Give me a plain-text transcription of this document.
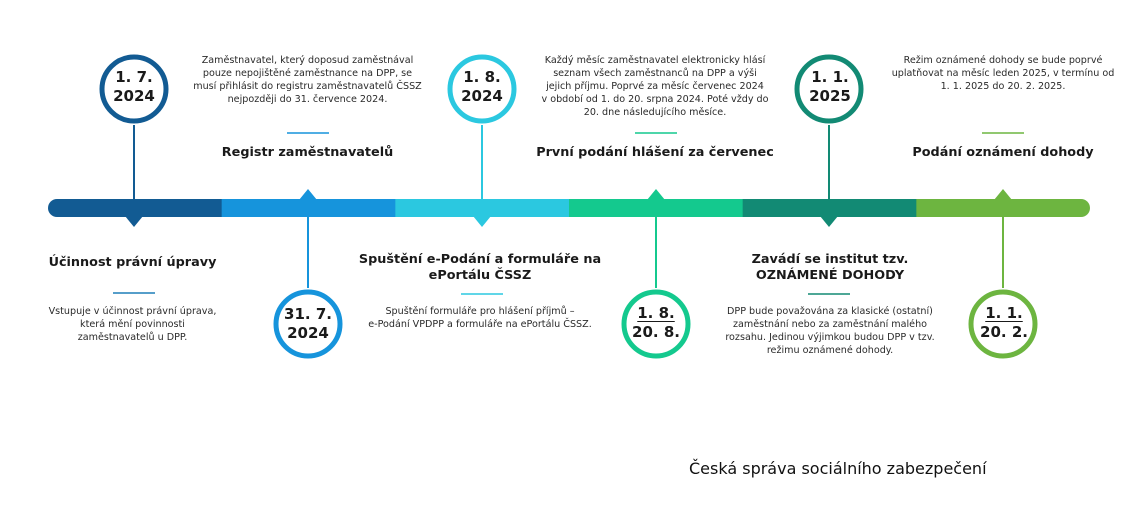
1. 7.
2024
Účinnost právní úpravy
Vstupuje v účinnost právní úprava,
která mění povinnosti
zaměstnavatelů u DPP.
31. 7.
2024
Zaměstnavatel, který doposud zaměstnával
pouze nepojištěné zaměstnance na DPP, se
musí přihlásit do registru zaměstnavatelů ČSSZ
nejpozději do 31. července 2024.
Registr zaměstnavatelů
1. 8.
2024
Spuštění e-Podání a formuláře na
ePortálu ČSSZ
Spuštění formuláře pro hlášení příjmů –
e-Podání VPDPP a formuláře na ePortálu ČSSZ.
1. 8.
20. 8.
Každý měsíc zaměstnavatel elektronicky hlásí
seznam všech zaměstnanců na DPP a výši
jejich příjmu. Poprvé za měsíc červenec 2024
v období od 1. do 20. srpna 2024. Poté vždy do
20. dne následujícího měsíce.
První podání hlášení za červenec
1. 1.
2025
Zavádí se institut tzv.
OZNÁMENÉ DOHODY
DPP bude považována za klasické (ostatní)
zaměstnání nebo za zaměstnání malého
rozsahu. Jedinou výjimkou budou DPP v tzv.
režimu oznámené dohody.
1. 1.
20. 2.
Režim oznámené dohody se bude poprvé
uplatňovat na měsíc leden 2025, v termínu od
1. 1. 2025 do 20. 2. 2025.
Podání oznámení dohody
Česká správa sociálního zabezpečení
